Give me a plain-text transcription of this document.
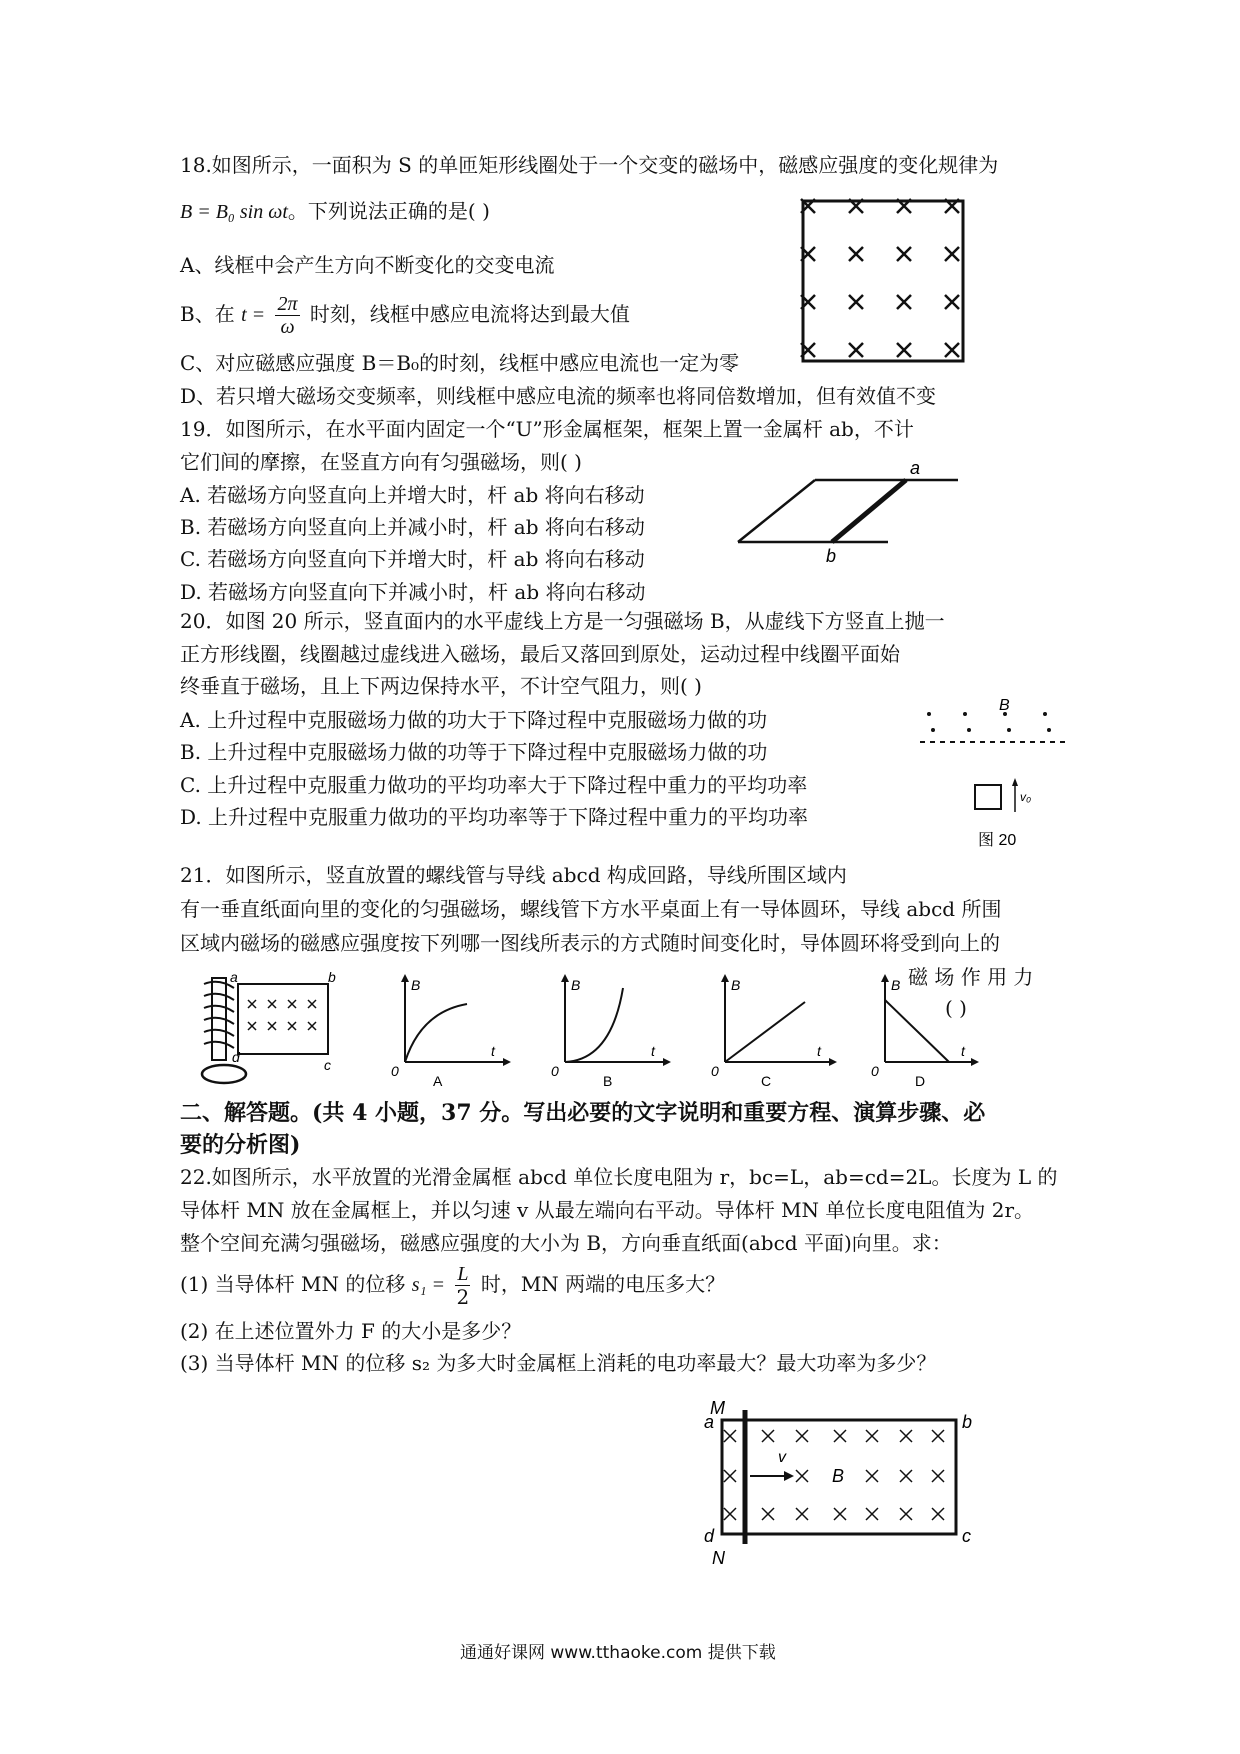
18.如图所示，一面积为 S 的单匝矩形线圈处于一个交变的磁场中，磁感应强度的变化规律为
B = B₀ sin ωt。下列说法正确的是( )
A、线框中会产生方向不断变化的交变电流
B、在 $t = \frac{2\pi}{\omega}$ 时刻，线框中感应电流将达到最大值
C、对应磁感应强度 B＝B₀的时刻，线框中感应电流也一定为零
D、若只增大磁场交变频率，则线框中感应电流的频率也将同倍数增加，但有效值不变
19．如图所示，在水平面内固定一个“U”形金属框架，框架上置一金属杆 ab，不计
它们间的摩擦，在竖直方向有匀强磁场，则( )
A. 若磁场方向竖直向上并增大时，杆 ab 将向右移动
B. 若磁场方向竖直向上并减小时，杆 ab 将向右移动
C. 若磁场方向竖直向下并增大时，杆 ab 将向右移动
D. 若磁场方向竖直向下并减小时，杆 ab 将向右移动
a
b
20．如图 20 所示，竖直面内的水平虚线上方是一匀强磁场 B，从虚线下方竖直上抛一
正方形线圈，线圈越过虚线进入磁场，最后又落回到原处，运动过程中线圈平面始
终垂直于磁场，且上下两边保持水平，不计空气阻力，则( )
A. 上升过程中克服磁场力做的功大于下降过程中克服磁场力做的功
B. 上升过程中克服磁场力做的功等于下降过程中克服磁场力做的功
C. 上升过程中克服重力做功的平均功率大于下降过程中重力的平均功率
D. 上升过程中克服重力做功的平均功率等于下降过程中重力的平均功率
B
v₀
图 20
21．如图所示，竖直放置的螺线管与导线 abcd 构成回路，导线所围区域内
有一垂直纸面向里的变化的匀强磁场，螺线管下方水平桌面上有一导体圆环，导线 abcd 所围
区域内磁场的磁感应强度按下列哪一图线所表示的方式随时间变化时，导体圆环将受到向上的
磁 场 作 用 力
( )
a	b
c
d
B
t
0
A
B
t
0
B
B
t
0
C
B
t
0
D
二、解答题。(共 4 小题，37 分。写出必要的文字说明和重要方程、演算步骤、必
要的分析图)
22.如图所示，水平放置的光滑金属框 abcd 单位长度电阻为 r，bc=L，ab=cd=2L。长度为 L 的
导体杆 MN 放在金属框上，并以匀速 v 从最左端向右平动。导体杆 MN 单位长度电阻值为 2r。
整个空间充满匀强磁场，磁感应强度的大小为 B，方向垂直纸面(abcd 平面)向里。求：
(1) 当导体杆 MN 的位移 $s_1 = \frac{L}{2}$ 时，MN 两端的电压多大？
(2) 在上述位置外力 F 的大小是多少？
(3) 当导体杆 MN 的位移 s₂ 为多大时金属框上消耗的电功率最大？最大功率为多少？
v
B
M
a	b
c
d
N
通通好课网 www.tthaoke.com 提供下载
